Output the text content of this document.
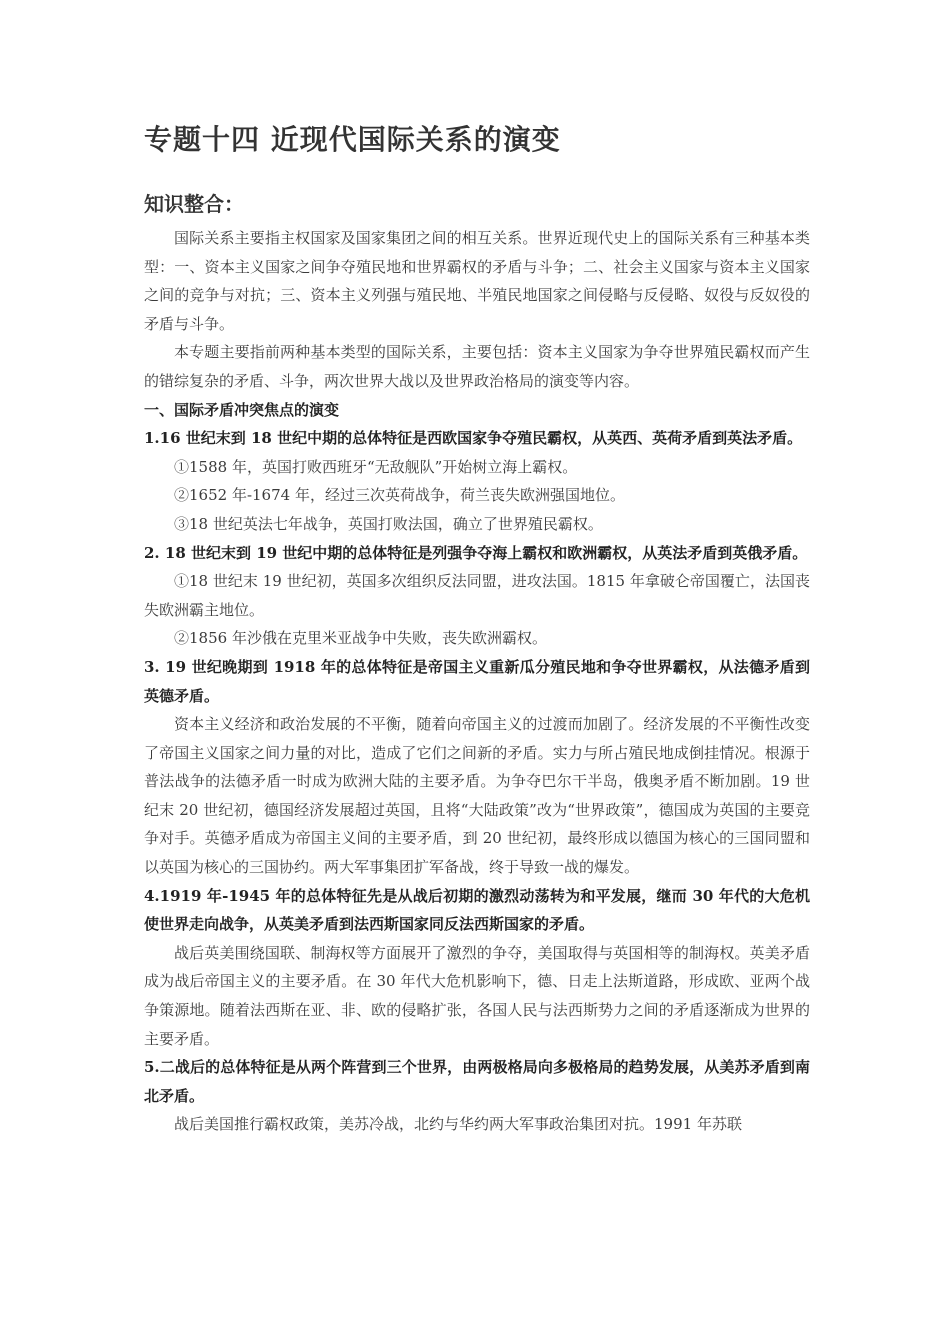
专题十四 近现代国际关系的演变
知识整合：

国际关系主要指主权国家及国家集团之间的相互关系。世界近现代史上的国际关系有三种基本类型：一、资本主义国家之间争夺殖民地和世界霸权的矛盾与斗争；二、社会主义国家与资本主义国家之间的竞争与对抗；三、资本主义列强与殖民地、半殖民地国家之间侵略与反侵略、奴役与反奴役的矛盾与斗争。

本专题主要指前两种基本类型的国际关系，主要包括：资本主义国家为争夺世界殖民霸权而产生的错综复杂的矛盾、斗争，两次世界大战以及世界政治格局的演变等内容。

一、国际矛盾冲突焦点的演变

1.16 世纪末到 18 世纪中期的总体特征是西欧国家争夺殖民霸权，从英西、英荷矛盾到英法矛盾。

①1588 年，英国打败西班牙“无敌舰队”开始树立海上霸权。

②1652 年-1674 年，经过三次英荷战争，荷兰丧失欧洲强国地位。

③18 世纪英法七年战争，英国打败法国，确立了世界殖民霸权。

2. 18 世纪末到 19 世纪中期的总体特征是列强争夺海上霸权和欧洲霸权，从英法矛盾到英俄矛盾。

①18 世纪末 19 世纪初，英国多次组织反法同盟，进攻法国。1815 年拿破仑帝国覆亡，法国丧失欧洲霸主地位。

②1856 年沙俄在克里米亚战争中失败，丧失欧洲霸权。

3. 19 世纪晚期到 1918 年的总体特征是帝国主义重新瓜分殖民地和争夺世界霸权，从法德矛盾到英德矛盾。

资本主义经济和政治发展的不平衡，随着向帝国主义的过渡而加剧了。经济发展的不平衡性改变了帝国主义国家之间力量的对比，造成了它们之间新的矛盾。实力与所占殖民地成倒挂情况。根源于普法战争的法德矛盾一时成为欧洲大陆的主要矛盾。为争夺巴尔干半岛，俄奥矛盾不断加剧。19 世纪末 20 世纪初，德国经济发展超过英国，且将“大陆政策”改为“世界政策”，德国成为英国的主要竞争对手。英德矛盾成为帝国主义间的主要矛盾，到 20 世纪初，最终形成以德国为核心的三国同盟和以英国为核心的三国协约。两大军事集团扩军备战，终于导致一战的爆发。

4.1919 年-1945 年的总体特征先是从战后初期的激烈动荡转为和平发展，继而 30 年代的大危机使世界走向战争，从英美矛盾到法西斯国家同反法西斯国家的矛盾。

战后英美围绕国联、制海权等方面展开了激烈的争夺，美国取得与英国相等的制海权。英美矛盾成为战后帝国主义的主要矛盾。在 30 年代大危机影响下，德、日走上法斯道路，形成欧、亚两个战争策源地。随着法西斯在亚、非、欧的侵略扩张，各国人民与法西斯势力之间的矛盾逐渐成为世界的主要矛盾。

5.二战后的总体特征是从两个阵营到三个世界，由两极格局向多极格局的趋势发展，从美苏矛盾到南北矛盾。

战后美国推行霸权政策，美苏冷战，北约与华约两大军事政治集团对抗。1991 年苏联
